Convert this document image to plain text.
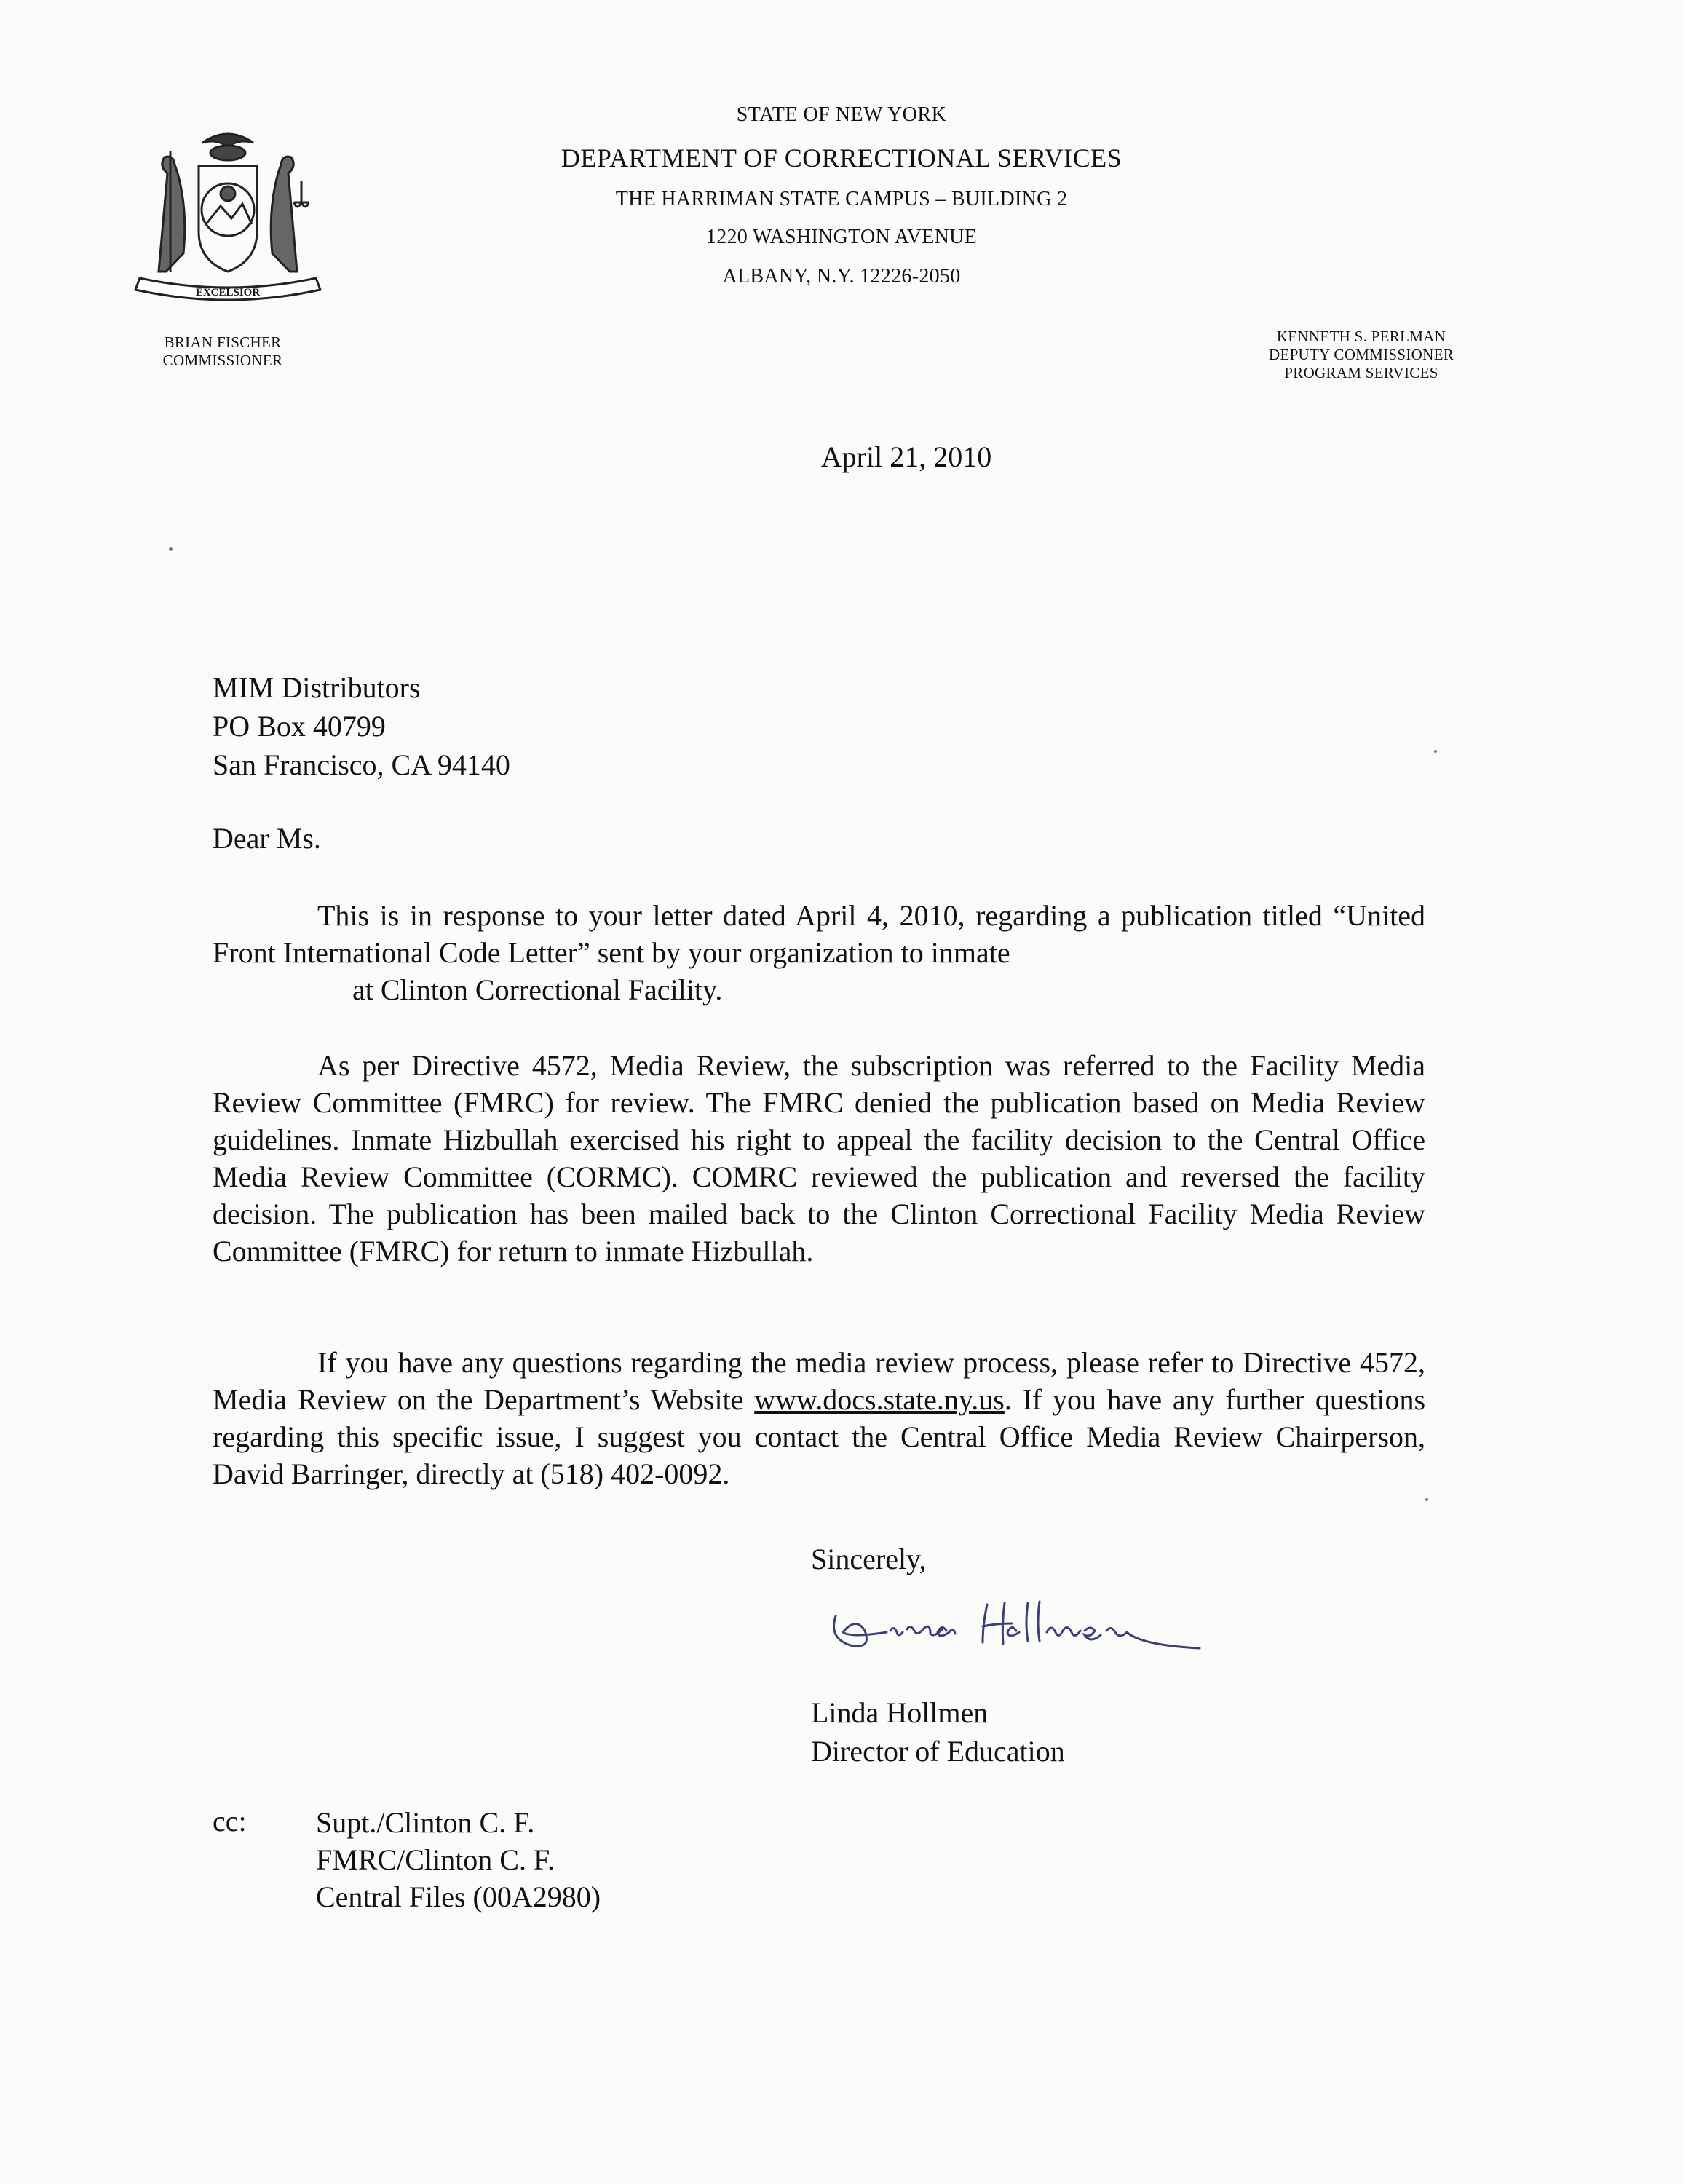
EXCELSIOR
STATE OF NEW YORK
DEPARTMENT OF CORRECTIONAL SERVICES
THE HARRIMAN STATE CAMPUS – BUILDING 2
1220 WASHINGTON AVENUE
ALBANY, N.Y. 12226-2050
BRIAN FISCHER
COMMISSIONER
KENNETH S. PERLMAN
DEPUTY COMMISSIONER
PROGRAM SERVICES
April 21, 2010
MIM Distributors
PO Box 40799
San Francisco, CA 94140
Dear Ms.
This is in response to your letter dated April 4, 2010, regarding a publication titled “United Front International Code Letter” sent by your organization to inmate
at Clinton Correctional Facility.
As per Directive 4572, Media Review, the subscription was referred to the Facility Media Review Committee (FMRC) for review. The FMRC denied the publication based on Media Review guidelines. Inmate Hizbullah exercised his right to appeal the facility decision to the Central Office Media Review Committee (CORMC). COMRC reviewed the publication and reversed the facility decision. The publication has been mailed back to the Clinton Correctional Facility Media Review Committee (FMRC) for return to inmate Hizbullah.
If you have any questions regarding the media review process, please refer to Directive 4572, Media Review on the Department’s Website www.docs.state.ny.us. If you have any further questions regarding this specific issue, I suggest you contact the Central Office Media Review Chairperson, David Barringer, directly at (518) 402-0092.
Sincerely,
Linda Hollmen
Director of Education
cc: Supt./Clinton C. F.
FMRC/Clinton C. F.
Central Files (00A2980)
